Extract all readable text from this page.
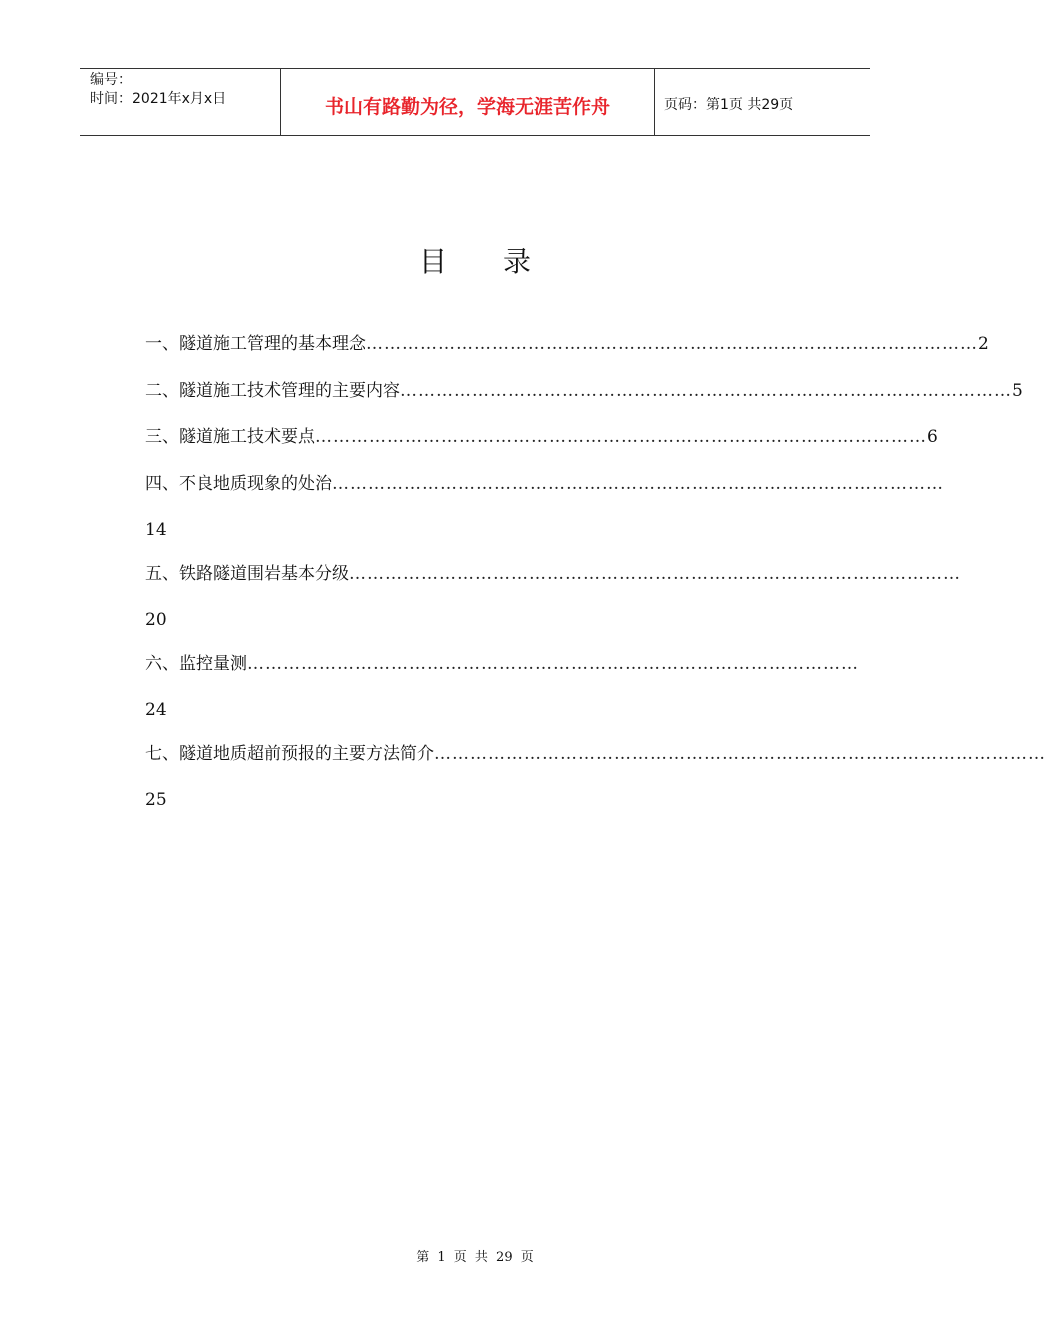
编号：
时间：2021年x月x日	书山有路勤为径，学海无涯苦作舟	页码：第1页 共29页
目录
一、隧道施工管理的基本理念 ………………………………………………………………………………………… 2
二、隧道施工技术管理的主要内容 ………………………………………………………………………………………… 5
三、隧道施工技术要点 ………………………………………………………………………………………… 6
四、不良地质现象的处治 …………………………………………………………………………………………
14
五、铁路隧道围岩基本分级 …………………………………………………………………………………………
20
六、监控量测 …………………………………………………………………………………………
24
七、隧道地质超前预报的主要方法简介 …………………………………………………………………………………………
25
第 1 页 共 29 页
